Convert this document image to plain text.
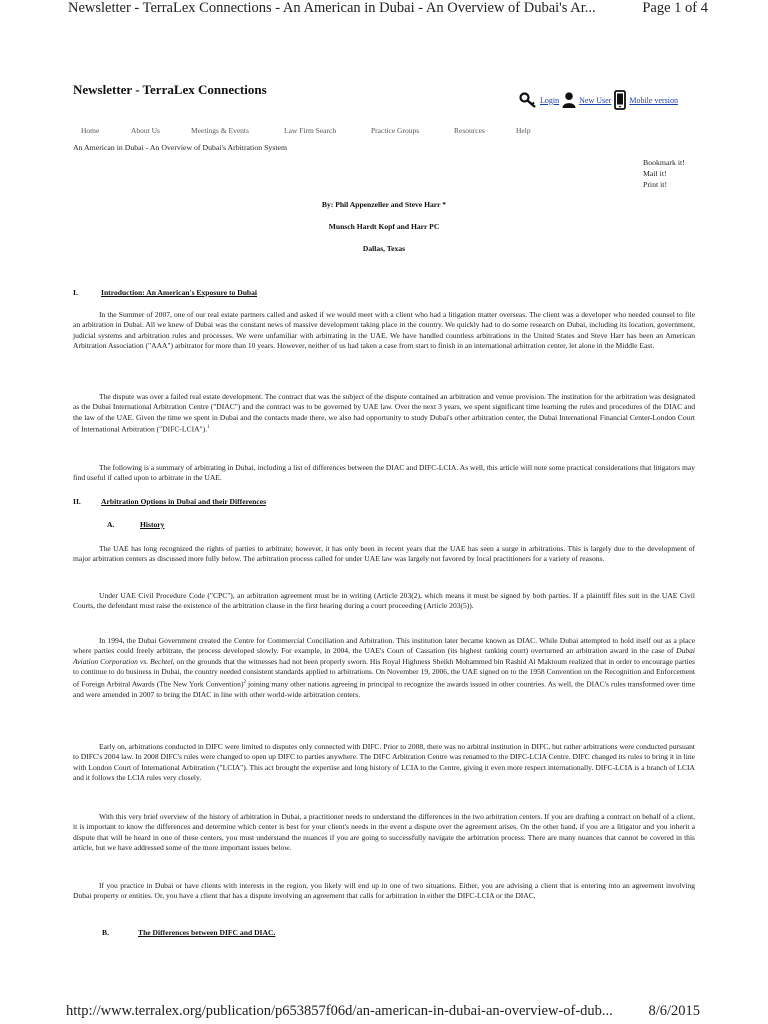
Newsletter - TerraLex Connections - An American in Dubai - An Overview of Dubai's Ar...	Page 1 of 4
Newsletter - TerraLex Connections
Login	New User Mobile version
Home	About Us	Meetings & Events	Law Firm Search	Practice Groups	Resources	Help
An American in Dubai - An Overview of Dubai's Arbitration System
Bookmark it!
Mail it!
Print it!
By: Phil Appenzeller and Steve Harr *
Munsch Hardt Kopf and Harr PC
Dallas, Texas
I.	Introduction: An American's Exposure to Dubai

In the Summer of 2007, one of our real estate partners called and asked if we would meet with a client who had a litigation matter overseas. The client was a developer who needed counsel to file an arbitration in Dubai. All we knew of Dubai was the constant news of massive development taking place in the country. We quickly had to do some research on Dubai, including its location, government, judicial systems and arbitration rules and processes. We were unfamiliar with arbitrating in the UAE. We have handled countless arbitrations in the United States and Steve Harr has been an American Arbitration Association ("AAA") arbitrator for more than 10 years. However, neither of us had taken a case from start to finish in an international arbitration center, let alone in the Middle East.

The dispute was over a failed real estate development. The contract that was the subject of the dispute contained an arbitration and venue provision. The institution for the arbitration was designated as the Dubai International Arbitration Centre ("DIAC") and the contract was to be governed by UAE law. Over the next 3 years, we spent significant time learning the rules and procedures of the DIAC and the law of the UAE. Given the time we spent in Dubai and the contacts made there, we also had opportunity to study Dubai's other arbitration center, the Dubai International Financial Center-London Court of International Arbitration ("DIFC-LCIA").$^1$

The following is a summary of arbitrating in Dubai, including a list of differences between the DIAC and DIFC-LCIA. As well, this article will note some practical considerations that litigators may find useful if called upon to arbitrate in the UAE.

II.	Arbitration Options in Dubai and their Differences
A.	History

The UAE has long recognized the rights of parties to arbitrate; however, it has only been in recent years that the UAE has seen a surge in arbitrations. This is largely due to the development of major arbitration centers as discussed more fully below. The arbitration process called for under UAE law was largely not favored by local practitioners for a variety of reasons.

Under UAE Civil Procedure Code ("CPC"), an arbitration agreement must be in writing (Article 203(2), which means it must be signed by both parties. If a plaintiff files suit in the UAE Civil Courts, the defendant must raise the existence of the arbitration clause in the first hearing during a court proceeding (Article 203(5)).

In 1994, the Dubai Government created the Centre for Commercial Conciliation and Arbitration. This institution later became known as DIAC. While Dubai attempted to hold itself out as a place where parties could freely arbitrate, the process developed slowly. For example, in 2004, the UAE's Court of Cassation (its highest ranking court) overturned an arbitration award in the case of Dubai Aviation Corporation vs. Bechtel, on the grounds that the witnesses had not been properly sworn. His Royal Highness Sheikh Mohammed bin Rashid Al Maktoum realized that in order to encourage parties to continue to do business in Dubai, the country needed consistent standards applied to arbitrations. On November 19, 2006, the UAE signed on to the 1958 Convention on the Recognition and Enforcement of Foreign Arbitral Awards (The New York Convention)$^2$ joining many other nations agreeing in principal to recognize the awards issued in other countries. As well, the DIAC's rules transformed over time and were amended in 2007 to bring the DIAC in line with other world-wide arbitration centers.

Early on, arbitrations conducted in DIFC were limited to disputes only connected with DIFC. Prior to 2008, there was no arbitral institution in DIFC, but rather arbitrations were conducted pursuant to DIFC's 2004 law. In 2008 DIFC's rules were changed to open up DIFC to parties anywhere. The DIFC Arbitration Centre was renamed to the DIFC-LCIA Centre. DIFC changed its rules to bring it in line with London Court of International Arbitration ("LCIA"). This act brought the expertise and long history of LCIA to the Centre, giving it even more respect internationally. DIFC-LCIA is a branch of LCIA and it follows the LCIA rules very closely.

With this very brief overview of the history of arbitration in Dubai, a practitioner needs to understand the differences in the two arbitration centers. If you are drafting a contract on behalf of a client, it is important to know the differences and determine which center is best for your client's needs in the event a dispute over the agreement arises. On the other hand, if you are a litigator and you inherit a dispute that will be heard in one of these centers, you must understand the nuances if you are going to successfully navigate the arbitration process. There are many nuances that cannot be covered in this article, but we have addressed some of the more important issues below.

If you practice in Dubai or have clients with interests in the region, you likely will end up in one of two situations. Either, you are advising a client that is entering into an agreement involving Dubai property or entities. Or, you have a client that has a dispute involving an agreement that calls for arbitration in either the DIFC-LCIA or the DIAC.

B.	The Differences between DIFC and DIAC.
http://www.terralex.org/publication/p653857f06d/an-american-in-dubai-an-overview-of-dub... 8/6/2015
